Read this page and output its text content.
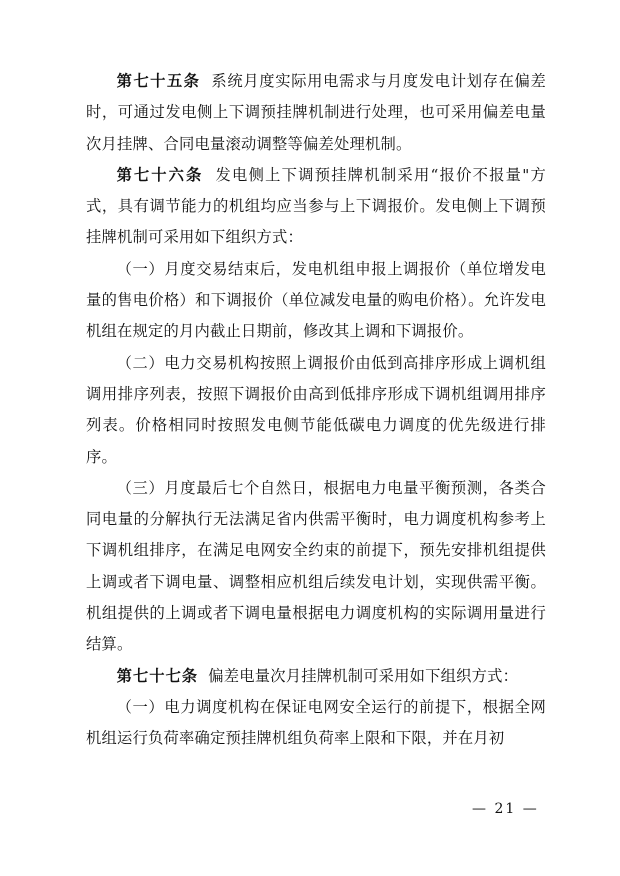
第七十五条 系统月度实际用电需求与月度发电计划存在偏差时，可通过发电侧上下调预挂牌机制进行处理，也可采用偏差电量次月挂牌、合同电量滚动调整等偏差处理机制。

第七十六条 发电侧上下调预挂牌机制采用“报价不报量"方式，具有调节能力的机组均应当参与上下调报价。发电侧上下调预挂牌机制可采用如下组织方式：

（一）月度交易结束后，发电机组申报上调报价（单位增发电量的售电价格）和下调报价（单位减发电量的购电价格）。允许发电机组在规定的月内截止日期前，修改其上调和下调报价。

（二）电力交易机构按照上调报价由低到高排序形成上调机组调用排序列表，按照下调报价由高到低排序形成下调机组调用排序列表。价格相同时按照发电侧节能低碳电力调度的优先级进行排序。

（三）月度最后七个自然日，根据电力电量平衡预测，各类合同电量的分解执行无法满足省内供需平衡时，电力调度机构参考上下调机组排序，在满足电网安全约束的前提下，预先安排机组提供上调或者下调电量、调整相应机组后续发电计划，实现供需平衡。机组提供的上调或者下调电量根据电力调度机构的实际调用量进行结算。

第七十七条 偏差电量次月挂牌机制可采用如下组织方式：

（一）电力调度机构在保证电网安全运行的前提下，根据全网机组运行负荷率确定预挂牌机组负荷率上限和下限，并在月初

— 21 —
